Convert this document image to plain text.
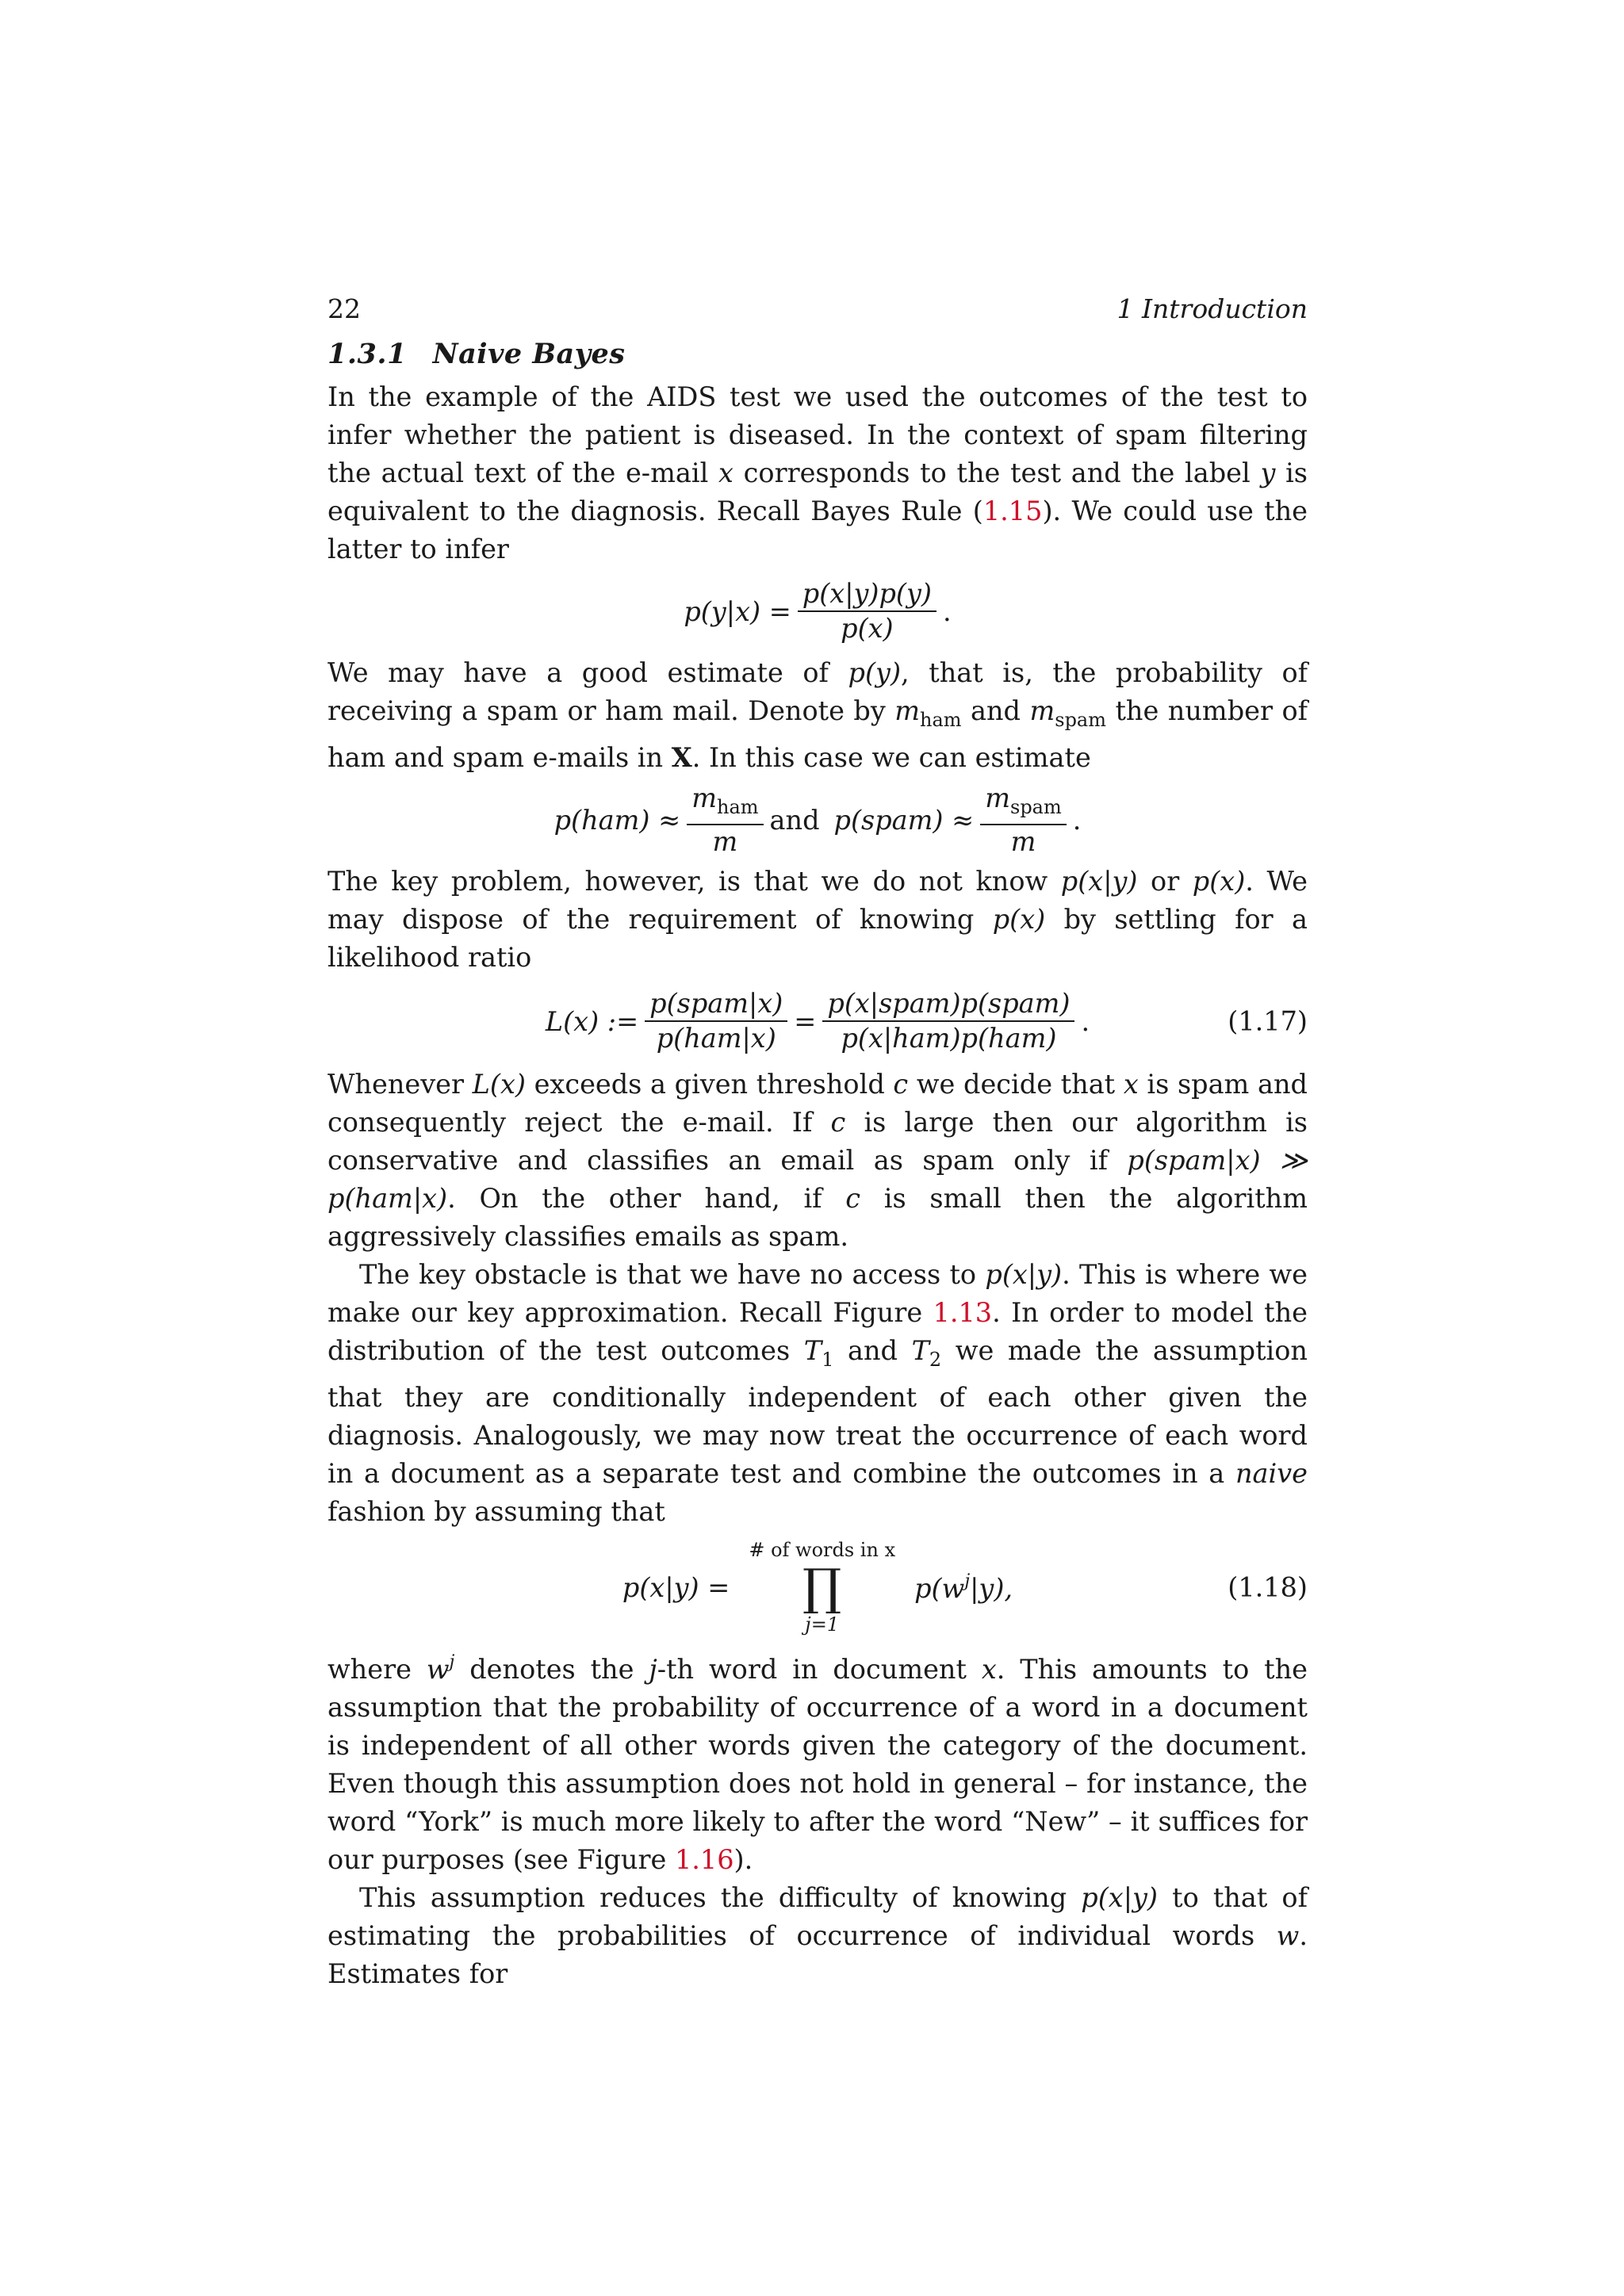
22	1 Introduction
1.3.1 Naive Bayes

In the example of the AIDS test we used the outcomes of the test to infer whether the patient is diseased. In the context of spam filtering the actual text of the e-mail x corresponds to the test and the label y is equivalent to the diagnosis. Recall Bayes Rule (1.15). We could use the latter to infer

$p(y|x) = \frac{p(x|y)p(y)}{p(x)}$ .

We may have a good estimate of p(y), that is, the probability of receiving a spam or ham mail. Denote by $m_{ham}$ and $m_{spam}$ the number of ham and spam e-mails in X. In this case we can estimate

$p(ham) \approx \frac{m_{ham}}{m}$ and p(spam) ≈ $\frac{m_{spam}}{m}$ .

The key problem, however, is that we do not know p(x|y) or p(x). We may dispose of the requirement of knowing p(x) by settling for a likelihood ratio

L(x) := $\frac{\text{p(spam|x)}}{\text{p(ham|x)}} = \frac{\text{p(x|spam)p(spam)}}{\text{p(x|ham)p(ham)}}$ .	(1.17)

Whenever L(x) exceeds a given threshold c we decide that x is spam and consequently reject the e-mail. If c is large then our algorithm is conservative and classifies an email as spam only if p(spam|x) ≫ p(ham|x). On the other hand, if c is small then the algorithm aggressively classifies emails as spam.

The key obstacle is that we have no access to p(x|y). This is where we make our key approximation. Recall Figure 1.13. In order to model the distribution of the test outcomes $T_1$ and $T_2$ we made the assumption that they are conditionally independent of each other given the diagnosis. Analogously, we may now treat the occurrence of each word in a document as a separate test and combine the outcomes in a naive fashion by assuming that

p(x|y) =
# of words in x
∏
j=1
$p(w^j|y)$,	(1.18)

where $w^j$ denotes the j-th word in document x. This amounts to the assumption that the probability of occurrence of a word in a document is independent of all other words given the category of the document. Even though this assumption does not hold in general – for instance, the word “York” is much more likely to after the word “New” – it suffices for our purposes (see Figure 1.16).

This assumption reduces the difficulty of knowing p(x|y) to that of estimating the probabilities of occurrence of individual words w. Estimates for
